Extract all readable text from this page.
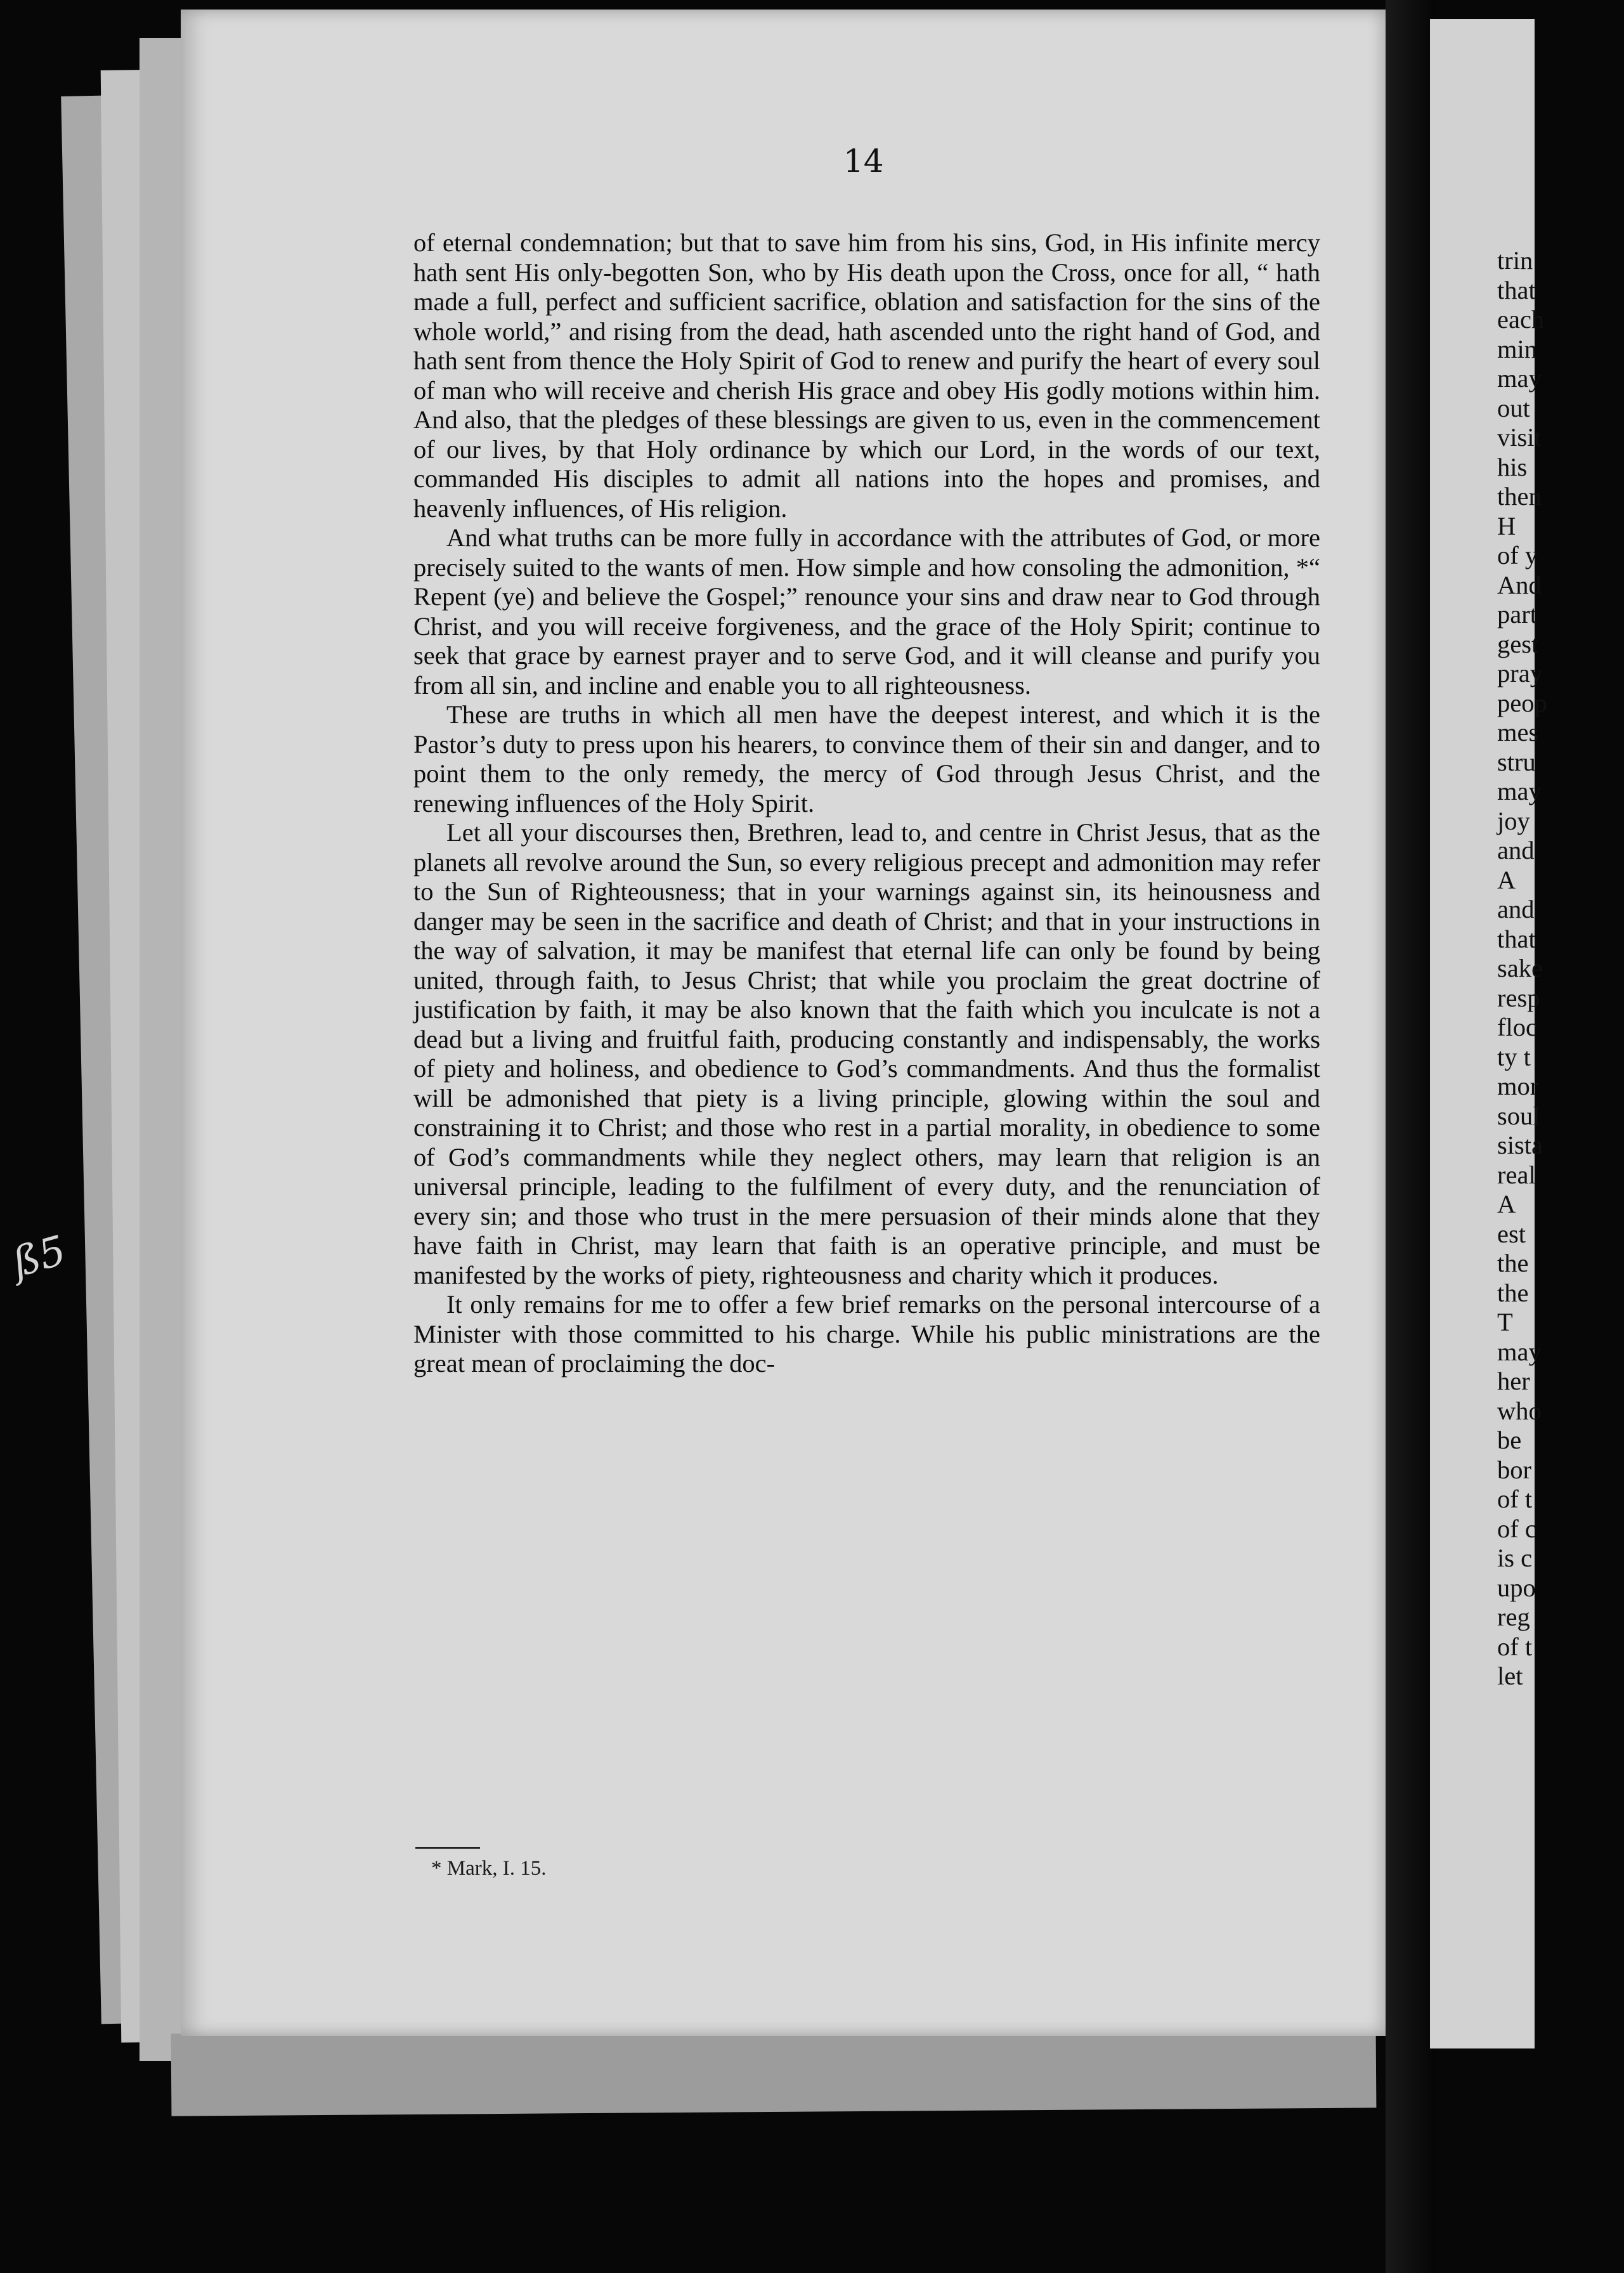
ß5
14

of eternal condemnation; but that to save him from his sins, God, in His infinite mercy hath sent His only-begotten Son, who by His death upon the Cross, once for all, “ hath made a full, perfect and sufficient sacrifice, oblation and satisfaction for the sins of the whole world,” and rising from the dead, hath ascended unto the right hand of God, and hath sent from thence the Holy Spirit of God to renew and purify the heart of every soul of man who will receive and cherish His grace and obey His godly motions within him. And also, that the pledges of these blessings are given to us, even in the commencement of our lives, by that Holy ordinance by which our Lord, in the words of our text, commanded His disciples to admit all nations into the hopes and promises, and heavenly influences, of His religion.

And what truths can be more fully in accordance with the attributes of God, or more precisely suited to the wants of men. How simple and how consoling the admonition, *“ Repent (ye) and believe the Gospel;” renounce your sins and draw near to God through Christ, and you will receive forgiveness, and the grace of the Holy Spirit; continue to seek that grace by earnest prayer and to serve God, and it will cleanse and purify you from all sin, and incline and enable you to all righteousness.

These are truths in which all men have the deepest interest, and which it is the Pastor’s duty to press upon his hearers, to convince them of their sin and danger, and to point them to the only remedy, the mercy of God through Jesus Christ, and the renewing influences of the Holy Spirit.

Let all your discourses then, Brethren, lead to, and centre in Christ Jesus, that as the planets all revolve around the Sun, so every religious precept and admonition may refer to the Sun of Righteousness; that in your warnings against sin, its heinousness and danger may be seen in the sacrifice and death of Christ; and that in your instructions in the way of salvation, it may be manifest that eternal life can only be found by being united, through faith, to Jesus Christ; that while you proclaim the great doctrine of justification by faith, it may be also known that the faith which you inculcate is not a dead but a living and fruitful faith, producing constantly and indispensably, the works of piety and holiness, and obedience to God’s commandments. And thus the formalist will be admonished that piety is a living principle, glowing within the soul and constraining it to Christ; and those who rest in a partial morality, in obedience to some of God’s commandments while they neglect others, may learn that religion is an universal principle, leading to the fulfilment of every duty, and the renunciation of every sin; and those who trust in the mere persuasion of their minds alone that they have faith in Christ, may learn that faith is an operative principle, and must be manifested by the works of piety, righteousness and charity which it produces.

It only remains for me to offer a few brief remarks on the personal intercourse of a Minister with those committed to his charge. While his public ministrations are the great mean of proclaiming the doc-

* Mark, I. 15.
trin
that
each
min
may
out
visit
his
then
H
of y
And
part
gest
pray
peop
mes
stru
may
joy
and
A
and
that
sake
resp
floc
ty t
mor
soul
sista
real
A
est
the
the
T
may
her
who
be
bor
of t
of c
is c
upo
reg
of t
let
